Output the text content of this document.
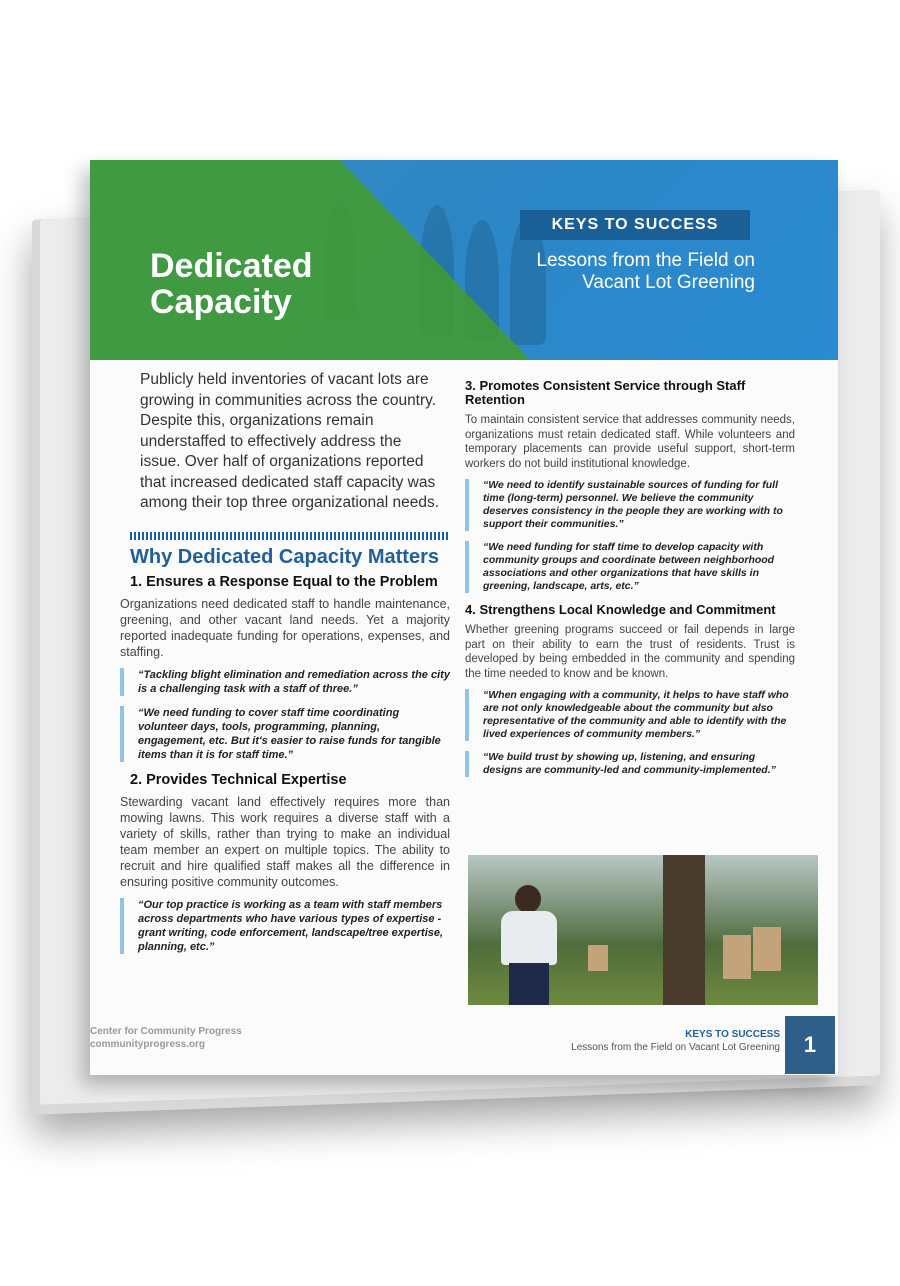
Dedicated Capacity
KEYS TO SUCCESS
Lessons from the Field on Vacant Lot Greening

Publicly held inventories of vacant lots are growing in communities across the country. Despite this, organizations remain understaffed to effectively address the issue. Over half of organizations reported that increased dedicated staff capacity was among their top three organizational needs.

Why Dedicated Capacity Matters
1. Ensures a Response Equal to the Problem

Organizations need dedicated staff to handle maintenance, greening, and other vacant land needs. Yet a majority reported inadequate funding for operations, expenses, and staffing.

“Tackling blight elimination and remediation across the city is a challenging task with a staff of three.”
“We need funding to cover staff time coordinating volunteer days, tools, programming, planning, engagement, etc. But it's easier to raise funds for tangible items than it is for staff time.”
2. Provides Technical Expertise

Stewarding vacant land effectively requires more than mowing lawns. This work requires a diverse staff with a variety of skills, rather than trying to make an individual team member an expert on multiple topics. The ability to recruit and hire qualified staff makes all the difference in ensuring positive community outcomes.

“Our top practice is working as a team with staff members across departments who have various types of expertise - grant writing, code enforcement, landscape/tree expertise, planning, etc.”
3. Promotes Consistent Service through Staff Retention

To maintain consistent service that addresses community needs, organizations must retain dedicated staff. While volunteers and temporary placements can provide useful support, short-term workers do not build institutional knowledge.

“We need to identify sustainable sources of funding for full time (long-term) personnel. We believe the community deserves consistency in the people they are working with to support their communities.”
“We need funding for staff time to develop capacity with community groups and coordinate between neighborhood associations and other organizations that have skills in greening, landscape, arts, etc.”
4. Strengthens Local Knowledge and Commitment

Whether greening programs succeed or fail depends in large part on their ability to earn the trust of residents. Trust is developed by being embedded in the community and spending the time needed to know and be known.

“When engaging with a community, it helps to have staff who are not only knowledgeable about the community but also representative of the community and able to identify with the lived experiences of community members.”
“We build trust by showing up, listening, and ensuring designs are community-led and community-implemented.”
Center for Community Progress
communityprogress.org
KEYS TO SUCCESS
Lessons from the Field on Vacant Lot Greening	1
